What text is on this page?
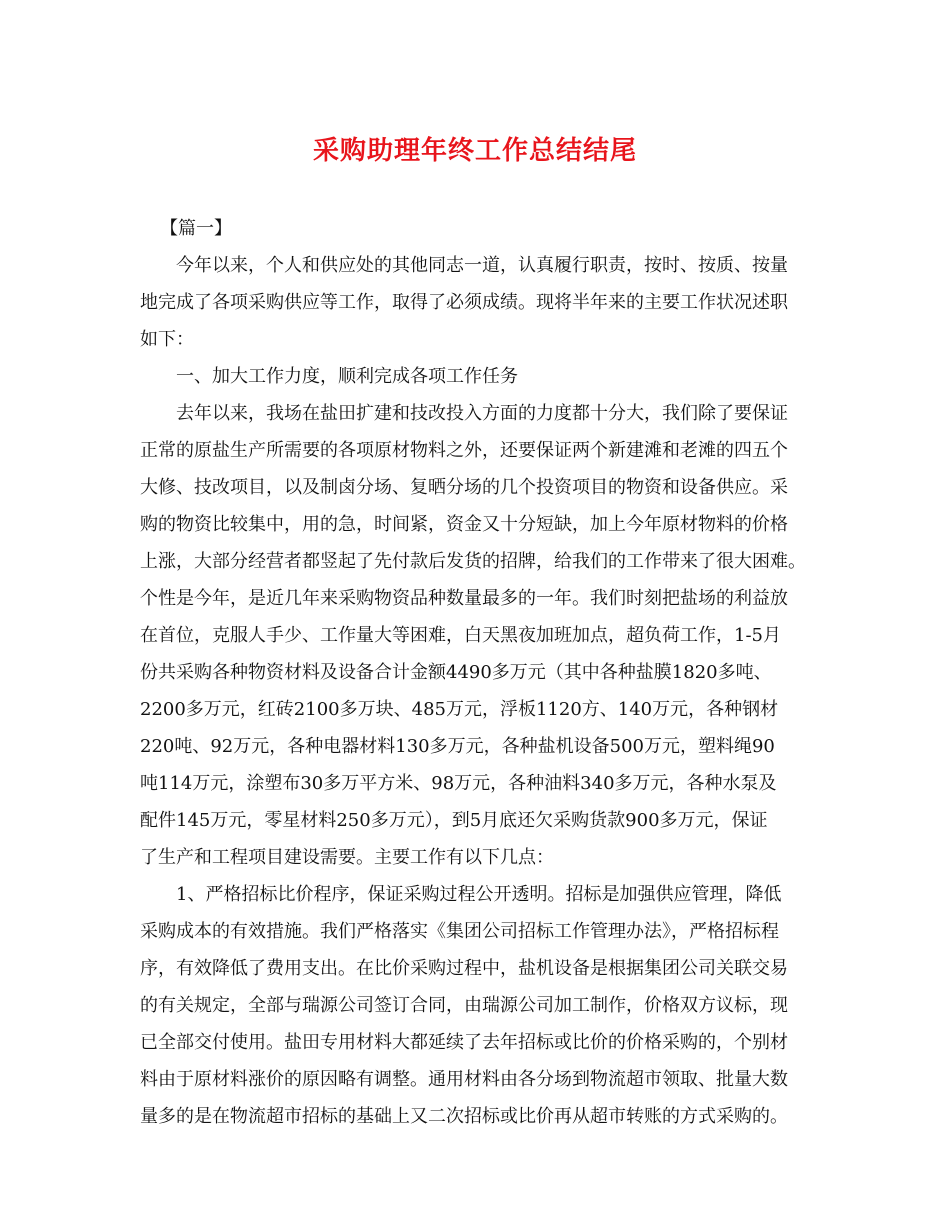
采购助理年终工作总结结尾
【篇一】
今年以来，个人和供应处的其他同志一道，认真履行职责，按时、按质、按量
地完成了各项采购供应等工作，取得了必须成绩。现将半年来的主要工作状况述职
如下：
一、加大工作力度，顺利完成各项工作任务
去年以来，我场在盐田扩建和技改投入方面的力度都十分大，我们除了要保证
正常的原盐生产所需要的各项原材物料之外，还要保证两个新建滩和老滩的四五个
大修、技改项目，以及制卤分场、复晒分场的几个投资项目的物资和设备供应。采
购的物资比较集中，用的急，时间紧，资金又十分短缺，加上今年原材物料的价格
上涨，大部分经营者都竖起了先付款后发货的招牌，给我们的工作带来了很大困难。
个性是今年，是近几年来采购物资品种数量最多的一年。我们时刻把盐场的利益放
在首位，克服人手少、工作量大等困难，白天黑夜加班加点，超负荷工作，1-5月
份共采购各种物资材料及设备合计金额4490多万元（其中各种盐膜1820多吨、
2200多万元，红砖2100多万块、485万元，浮板1120方、140万元，各种钢材
220吨、92万元，各种电器材料130多万元，各种盐机设备500万元，塑料绳90
吨114万元，涂塑布30多万平方米、98万元，各种油料340多万元，各种水泵及
配件145万元，零星材料250多万元），到5月底还欠采购货款900多万元，保证
了生产和工程项目建设需要。主要工作有以下几点：
1、严格招标比价程序，保证采购过程公开透明。招标是加强供应管理，降低
采购成本的有效措施。我们严格落实《集团公司招标工作管理办法》，严格招标程
序，有效降低了费用支出。在比价采购过程中，盐机设备是根据集团公司关联交易
的有关规定，全部与瑞源公司签订合同，由瑞源公司加工制作，价格双方议标，现
已全部交付使用。盐田专用材料大都延续了去年招标或比价的价格采购的，个别材
料由于原材料涨价的原因略有调整。通用材料由各分场到物流超市领取、批量大数
量多的是在物流超市招标的基础上又二次招标或比价再从超市转账的方式采购的。
